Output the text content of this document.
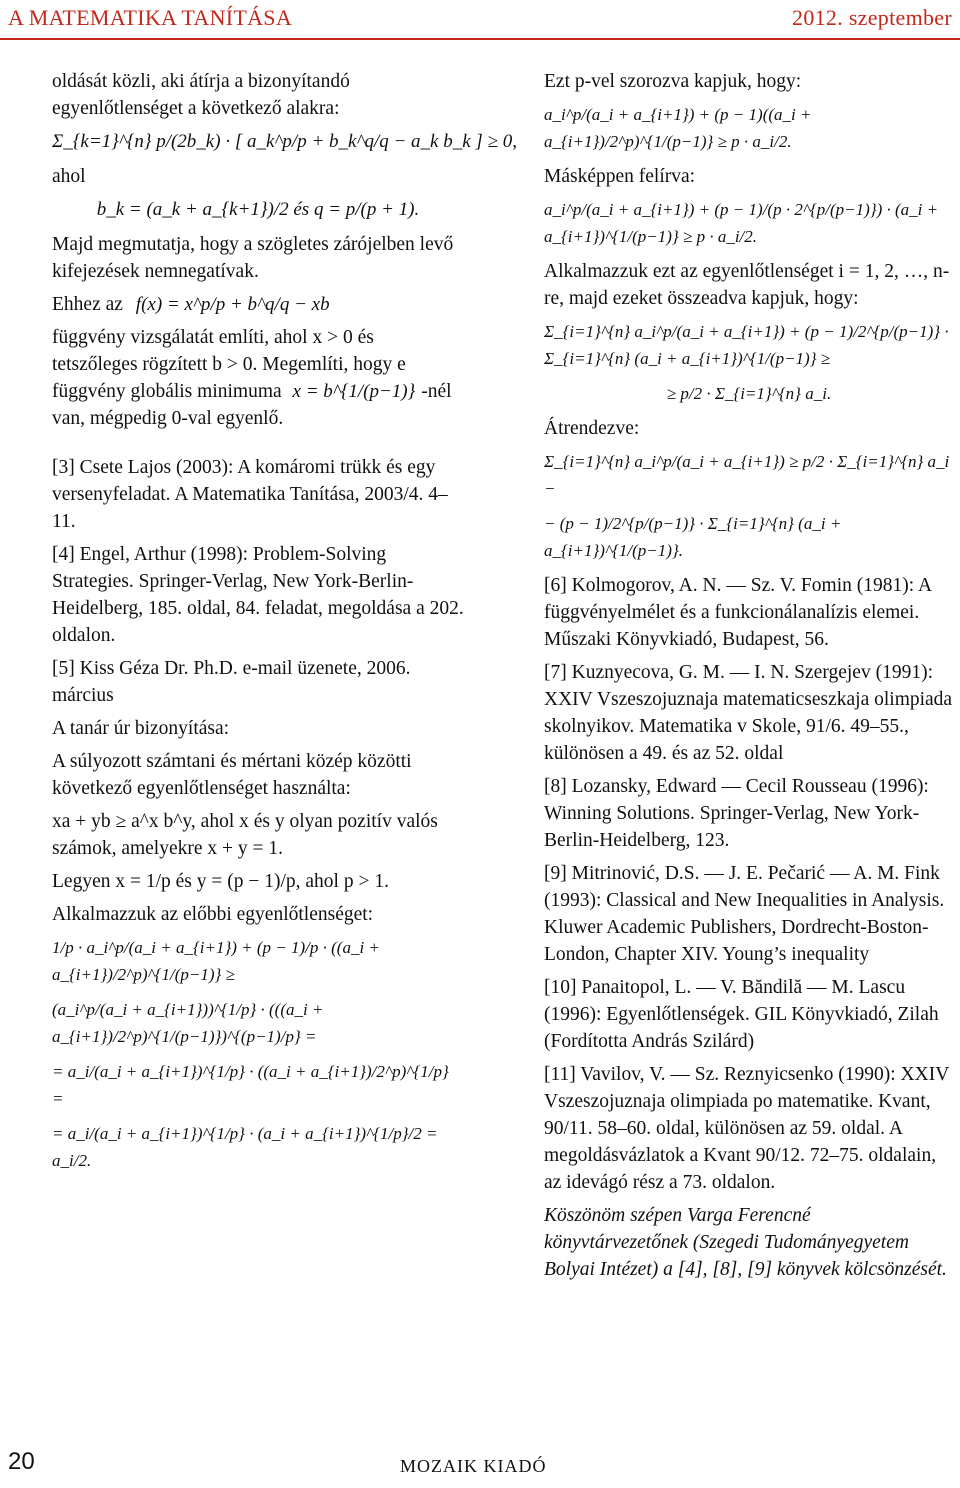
A MATEMATIKA TANÍTÁSA	2012. szeptember

oldását közli, aki átírja a bizonyítandó egyenlőtlenséget a következő alakra:

Σ_{k=1}^{n} p/(2b_k) · [ a_k^p/p + b_k^q/q − a_k b_k ] ≥ 0,

ahol

b_k = (a_k + a_{k+1})/2 és q = p/(p + 1).

Majd megmutatja, hogy a szögletes zárójelben levő kifejezések nemnegatívak.

Ehhez az f(x) = x^p/p + b^q/q − xb

függvény vizsgálatát említi, ahol x > 0 és tetszőleges rögzített b > 0. Megemlíti, hogy e függvény globális minimuma x = b^{1/(p−1)} -nél van, mégpedig 0-val egyenlő.

[3] Csete Lajos (2003): A komáromi trükk és egy versenyfeladat. A Matematika Tanítása, 2003/4. 4–11.

[4] Engel, Arthur (1998): Problem-Solving Strategies. Springer-Verlag, New York-Berlin-Heidelberg, 185. oldal, 84. feladat, megoldása a 202. oldalon.

[5] Kiss Géza Dr. Ph.D. e-mail üzenete, 2006. március

A tanár úr bizonyítása:

A súlyozott számtani és mértani közép közötti következő egyenlőtlenséget használta:

xa + yb ≥ a^x b^y, ahol x és y olyan pozitív valós számok, amelyekre x + y = 1.

Legyen x = 1/p és y = (p − 1)/p, ahol p > 1.

Alkalmazzuk az előbbi egyenlőtlenséget:

1/p · a_i^p/(a_i + a_{i+1}) + (p − 1)/p · ((a_i + a_{i+1})/2^p)^{1/(p−1)} ≥
(a_i^p/(a_i + a_{i+1}))^{1/p} · (((a_i + a_{i+1})/2^p)^{1/(p−1)})^{(p−1)/p} =
= a_i/(a_i + a_{i+1})^{1/p} · ((a_i + a_{i+1})/2^p)^{1/p} =
= a_i/(a_i + a_{i+1})^{1/p} · (a_i + a_{i+1})^{1/p}/2 = a_i/2.

Ezt p-vel szorozva kapjuk, hogy:

a_i^p/(a_i + a_{i+1}) + (p − 1)((a_i + a_{i+1})/2^p)^{1/(p−1)} ≥ p · a_i/2.

Másképpen felírva:

a_i^p/(a_i + a_{i+1}) + (p − 1)/(p · 2^{p/(p−1)}) · (a_i + a_{i+1})^{1/(p−1)} ≥ p · a_i/2.

Alkalmazzuk ezt az egyenlőtlenséget i = 1, 2, …, n-re, majd ezeket összeadva kapjuk, hogy:

Σ_{i=1}^{n} a_i^p/(a_i + a_{i+1}) + (p − 1)/2^{p/(p−1)} · Σ_{i=1}^{n} (a_i + a_{i+1})^{1/(p−1)} ≥
≥ p/2 · Σ_{i=1}^{n} a_i.

Átrendezve:

Σ_{i=1}^{n} a_i^p/(a_i + a_{i+1}) ≥ p/2 · Σ_{i=1}^{n} a_i −
− (p − 1)/2^{p/(p−1)} · Σ_{i=1}^{n} (a_i + a_{i+1})^{1/(p−1)}.

[6] Kolmogorov, A. N. — Sz. V. Fomin (1981): A függvényelmélet és a funkcionálanalízis elemei. Műszaki Könyvkiadó, Budapest, 56.

[7] Kuznyecova, G. M. — I. N. Szergejev (1991): XXIV Vszeszojuznaja matematicseszkaja olimpiada skolnyikov. Matematika v Skole, 91/6. 49–55., különösen a 49. és az 52. oldal

[8] Lozansky, Edward — Cecil Rousseau (1996): Winning Solutions. Springer-Verlag, New York-Berlin-Heidelberg, 123.

[9] Mitrinović, D.S. — J. E. Pečarić — A. M. Fink (1993): Classical and New Inequalities in Analysis. Kluwer Academic Publishers, Dordrecht-Boston-London, Chapter XIV. Young’s inequality

[10] Panaitopol, L. — V. Băndilă — M. Lascu (1996): Egyenlőtlenségek. GIL Könyvkiadó, Zilah (Fordította András Szilárd)

[11] Vavilov, V. — Sz. Reznyicsenko (1990): XXIV Vszeszojuznaja olimpiada po matematike. Kvant, 90/11. 58–60. oldal, különösen az 59. oldal. A megoldásvázlatok a Kvant 90/12. 72–75. oldalain, az idevágó rész a 73. oldalon.

Köszönöm szépen Varga Ferencné könyvtárvezetőnek (Szegedi Tudományegyetem Bolyai Intézet) a [4], [8], [9] könyvek kölcsönzését.

20	MOZAIK KIADÓ
